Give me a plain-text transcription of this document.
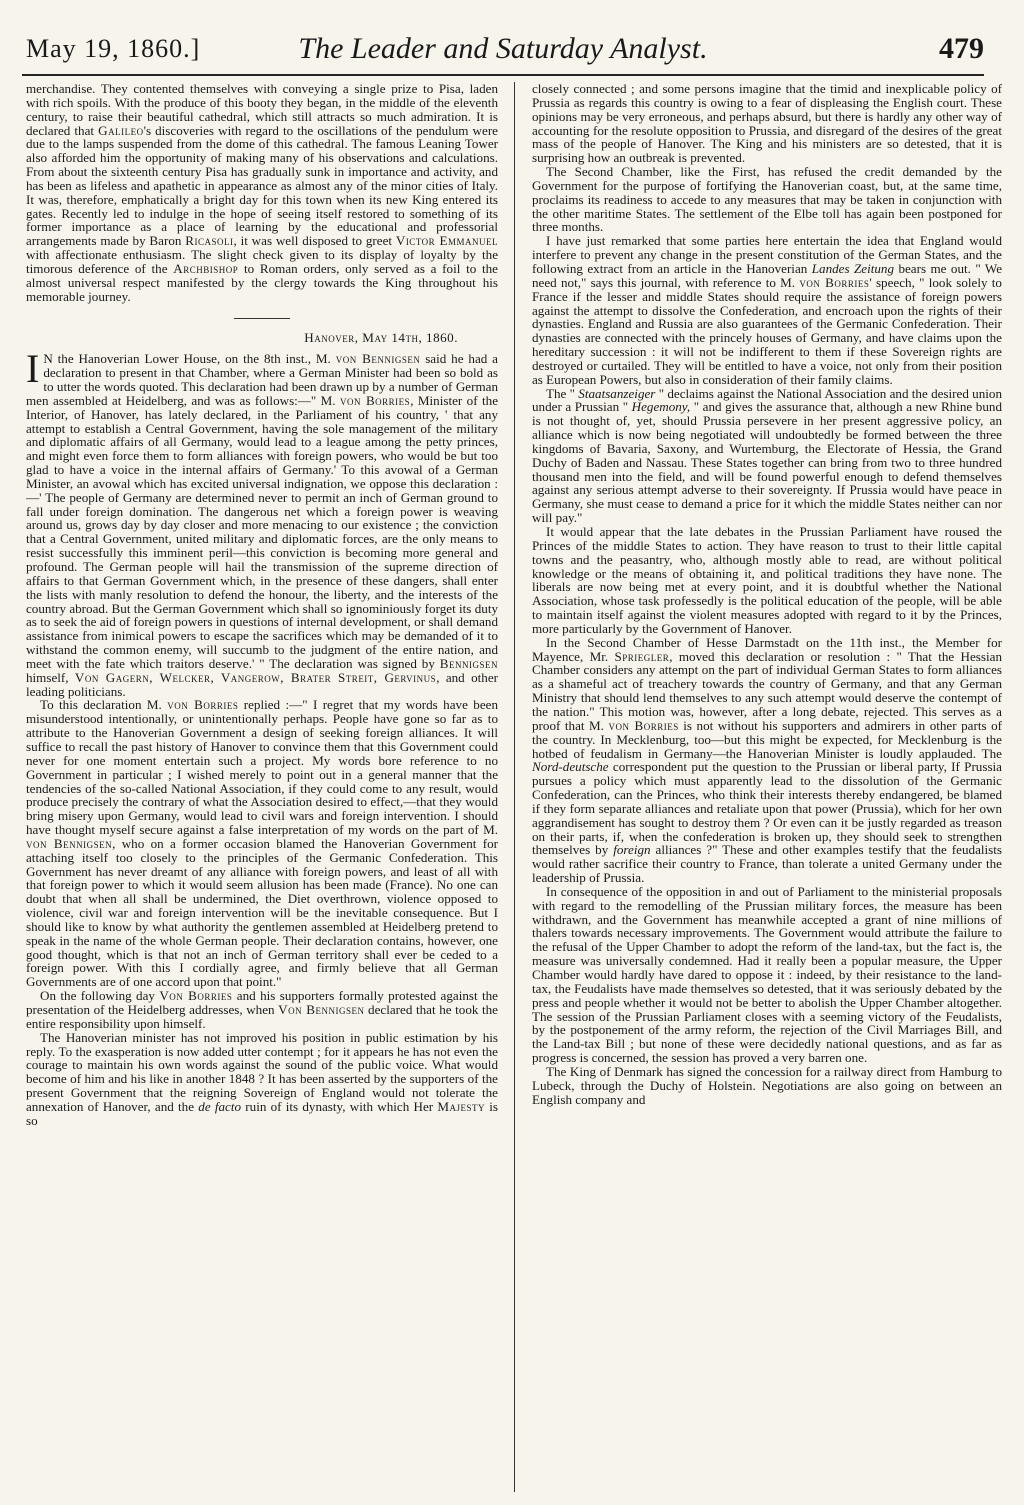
May 19, 1860.]	The Leader and Saturday Analyst.	479

merchandise. They contented themselves with conveying a single prize to Pisa, laden with rich spoils. With the produce of this booty they began, in the middle of the eleventh century, to raise their beautiful cathedral, which still attracts so much admiration. It is declared that Galileo's discoveries with regard to the oscillations of the pendulum were due to the lamps suspended from the dome of this cathedral. The famous Leaning Tower also afforded him the opportunity of making many of his observations and calculations. From about the sixteenth century Pisa has gradually sunk in importance and activity, and has been as lifeless and apathetic in appearance as almost any of the minor cities of Italy. It was, therefore, emphatically a bright day for this town when its new King entered its gates. Recently led to indulge in the hope of seeing itself restored to something of its former importance as a place of learning by the educational and professorial arrangements made by Baron Ricasoli, it was well disposed to greet Victor Emmanuel with affectionate enthusiasm. The slight check given to its display of loyalty by the timorous deference of the Archbishop to Roman orders, only served as a foil to the almost universal respect manifested by the clergy towards the King throughout his memorable journey.

Hanover, May 14th, 1860.

I N the Hanoverian Lower House, on the 8th inst., M. von Bennigsen said he had a declaration to present in that Chamber, where a German Minister had been so bold as to utter the words quoted. This declaration had been drawn up by a number of German men assembled at Heidelberg, and was as follows:—" M. von Borries, Minister of the Interior, of Hanover, has lately declared, in the Parliament of his country, ' that any attempt to establish a Central Government, having the sole management of the military and diplomatic affairs of all Germany, would lead to a league among the petty princes, and might even force them to form alliances with foreign powers, who would be but too glad to have a voice in the internal affairs of Germany.' To this avowal of a German Minister, an avowal which has excited universal indignation, we oppose this declaration :—' The people of Germany are determined never to permit an inch of German ground to fall under foreign domination. The dangerous net which a foreign power is weaving around us, grows day by day closer and more menacing to our existence ; the conviction that a Central Government, united military and diplomatic forces, are the only means to resist successfully this imminent peril—this conviction is becoming more general and profound. The German people will hail the transmission of the supreme direction of affairs to that German Government which, in the presence of these dangers, shall enter the lists with manly resolution to defend the honour, the liberty, and the interests of the country abroad. But the German Government which shall so ignominiously forget its duty as to seek the aid of foreign powers in questions of internal development, or shall demand assistance from inimical powers to escape the sacrifices which may be demanded of it to withstand the common enemy, will succumb to the judgment of the entire nation, and meet with the fate which traitors deserve.' " The declaration was signed by Bennigsen himself, Von Gagern, Welcker, Vangerow, Brater Streit, Gervinus, and other leading politicians.

To this declaration M. von Borries replied :—" I regret that my words have been misunderstood intentionally, or unintentionally perhaps. People have gone so far as to attribute to the Hanoverian Government a design of seeking foreign alliances. It will suffice to recall the past history of Hanover to convince them that this Government could never for one moment entertain such a project. My words bore reference to no Government in particular ; I wished merely to point out in a general manner that the tendencies of the so-called National Association, if they could come to any result, would produce precisely the contrary of what the Association desired to effect,—that they would bring misery upon Germany, would lead to civil wars and foreign intervention. I should have thought myself secure against a false interpretation of my words on the part of M. von Bennigsen, who on a former occasion blamed the Hanoverian Government for attaching itself too closely to the principles of the Germanic Confederation. This Government has never dreamt of any alliance with foreign powers, and least of all with that foreign power to which it would seem allusion has been made (France). No one can doubt that when all shall be undermined, the Diet overthrown, violence opposed to violence, civil war and foreign intervention will be the inevitable consequence. But I should like to know by what authority the gentlemen assembled at Heidelberg pretend to speak in the name of the whole German people. Their declaration contains, however, one good thought, which is that not an inch of German territory shall ever be ceded to a foreign power. With this I cordially agree, and firmly believe that all German Governments are of one accord upon that point."

On the following day Von Borries and his supporters formally protested against the presentation of the Heidelberg addresses, when Von Bennigsen declared that he took the entire responsibility upon himself.

The Hanoverian minister has not improved his position in public estimation by his reply. To the exasperation is now added utter contempt ; for it appears he has not even the courage to maintain his own words against the sound of the public voice. What would become of him and his like in another 1848 ? It has been asserted by the supporters of the present Government that the reigning Sovereign of England would not tolerate the annexation of Hanover, and the de facto ruin of its dynasty, with which Her Majesty is so

closely connected ; and some persons imagine that the timid and inexplicable policy of Prussia as regards this country is owing to a fear of displeasing the English court. These opinions may be very erroneous, and perhaps absurd, but there is hardly any other way of accounting for the resolute opposition to Prussia, and disregard of the desires of the great mass of the people of Hanover. The King and his ministers are so detested, that it is surprising how an outbreak is prevented.

The Second Chamber, like the First, has refused the credit demanded by the Government for the purpose of fortifying the Hanoverian coast, but, at the same time, proclaims its readiness to accede to any measures that may be taken in conjunction with the other maritime States. The settlement of the Elbe toll has again been postponed for three months.

I have just remarked that some parties here entertain the idea that England would interfere to prevent any change in the present constitution of the German States, and the following extract from an article in the Hanoverian Landes Zeitung bears me out. " We need not," says this journal, with reference to M. von Borries' speech, " look solely to France if the lesser and middle States should require the assistance of foreign powers against the attempt to dissolve the Confederation, and encroach upon the rights of their dynasties. England and Russia are also guarantees of the Germanic Confederation. Their dynasties are connected with the princely houses of Germany, and have claims upon the hereditary succession : it will not be indifferent to them if these Sovereign rights are destroyed or curtailed. They will be entitled to have a voice, not only from their position as European Powers, but also in consideration of their family claims.

The " Staatsanzeiger " declaims against the National Association and the desired union under a Prussian " Hegemony, " and gives the assurance that, although a new Rhine bund is not thought of, yet, should Prussia persevere in her present aggressive policy, an alliance which is now being negotiated will undoubtedly be formed between the three kingdoms of Bavaria, Saxony, and Wurtemburg, the Electorate of Hessia, the Grand Duchy of Baden and Nassau. These States together can bring from two to three hundred thousand men into the field, and will be found powerful enough to defend themselves against any serious attempt adverse to their sovereignty. If Prussia would have peace in Germany, she must cease to demand a price for it which the middle States neither can nor will pay."

It would appear that the late debates in the Prussian Parliament have roused the Princes of the middle States to action. They have reason to trust to their little capital towns and the peasantry, who, although mostly able to read, are without political knowledge or the means of obtaining it, and political traditions they have none. The liberals are now being met at every point, and it is doubtful whether the National Association, whose task professedly is the political education of the people, will be able to maintain itself against the violent measures adopted with regard to it by the Princes, more particularly by the Government of Hanover.

In the Second Chamber of Hesse Darmstadt on the 11th inst., the Member for Mayence, Mr. Spriegler, moved this declaration or resolution : " That the Hessian Chamber considers any attempt on the part of individual German States to form alliances as a shameful act of treachery towards the country of Germany, and that any German Ministry that should lend themselves to any such attempt would deserve the contempt of the nation." This motion was, however, after a long debate, rejected. This serves as a proof that M. von Borries is not without his supporters and admirers in other parts of the country. In Mecklenburg, too—but this might be expected, for Mecklenburg is the hotbed of feudalism in Germany—the Hanoverian Minister is loudly applauded. The Nord-deutsche correspondent put the question to the Prussian or liberal party, If Prussia pursues a policy which must apparently lead to the dissolution of the Germanic Confederation, can the Princes, who think their interests thereby endangered, be blamed if they form separate alliances and retaliate upon that power (Prussia), which for her own aggrandisement has sought to destroy them ? Or even can it be justly regarded as treason on their parts, if, when the confederation is broken up, they should seek to strengthen themselves by foreign alliances ?" These and other examples testify that the feudalists would rather sacrifice their country to France, than tolerate a united Germany under the leadership of Prussia.

In consequence of the opposition in and out of Parliament to the ministerial proposals with regard to the remodelling of the Prussian military forces, the measure has been withdrawn, and the Government has meanwhile accepted a grant of nine millions of thalers towards necessary improvements. The Government would attribute the failure to the refusal of the Upper Chamber to adopt the reform of the land-tax, but the fact is, the measure was universally condemned. Had it really been a popular measure, the Upper Chamber would hardly have dared to oppose it : indeed, by their resistance to the land-tax, the Feudalists have made themselves so detested, that it was seriously debated by the press and people whether it would not be better to abolish the Upper Chamber altogether. The session of the Prussian Parliament closes with a seeming victory of the Feudalists, by the postponement of the army reform, the rejection of the Civil Marriages Bill, and the Land-tax Bill ; but none of these were decidedly national questions, and as far as progress is concerned, the session has proved a very barren one.

The King of Denmark has signed the concession for a railway direct from Hamburg to Lubeck, through the Duchy of Holstein. Negotiations are also going on between an English company and
